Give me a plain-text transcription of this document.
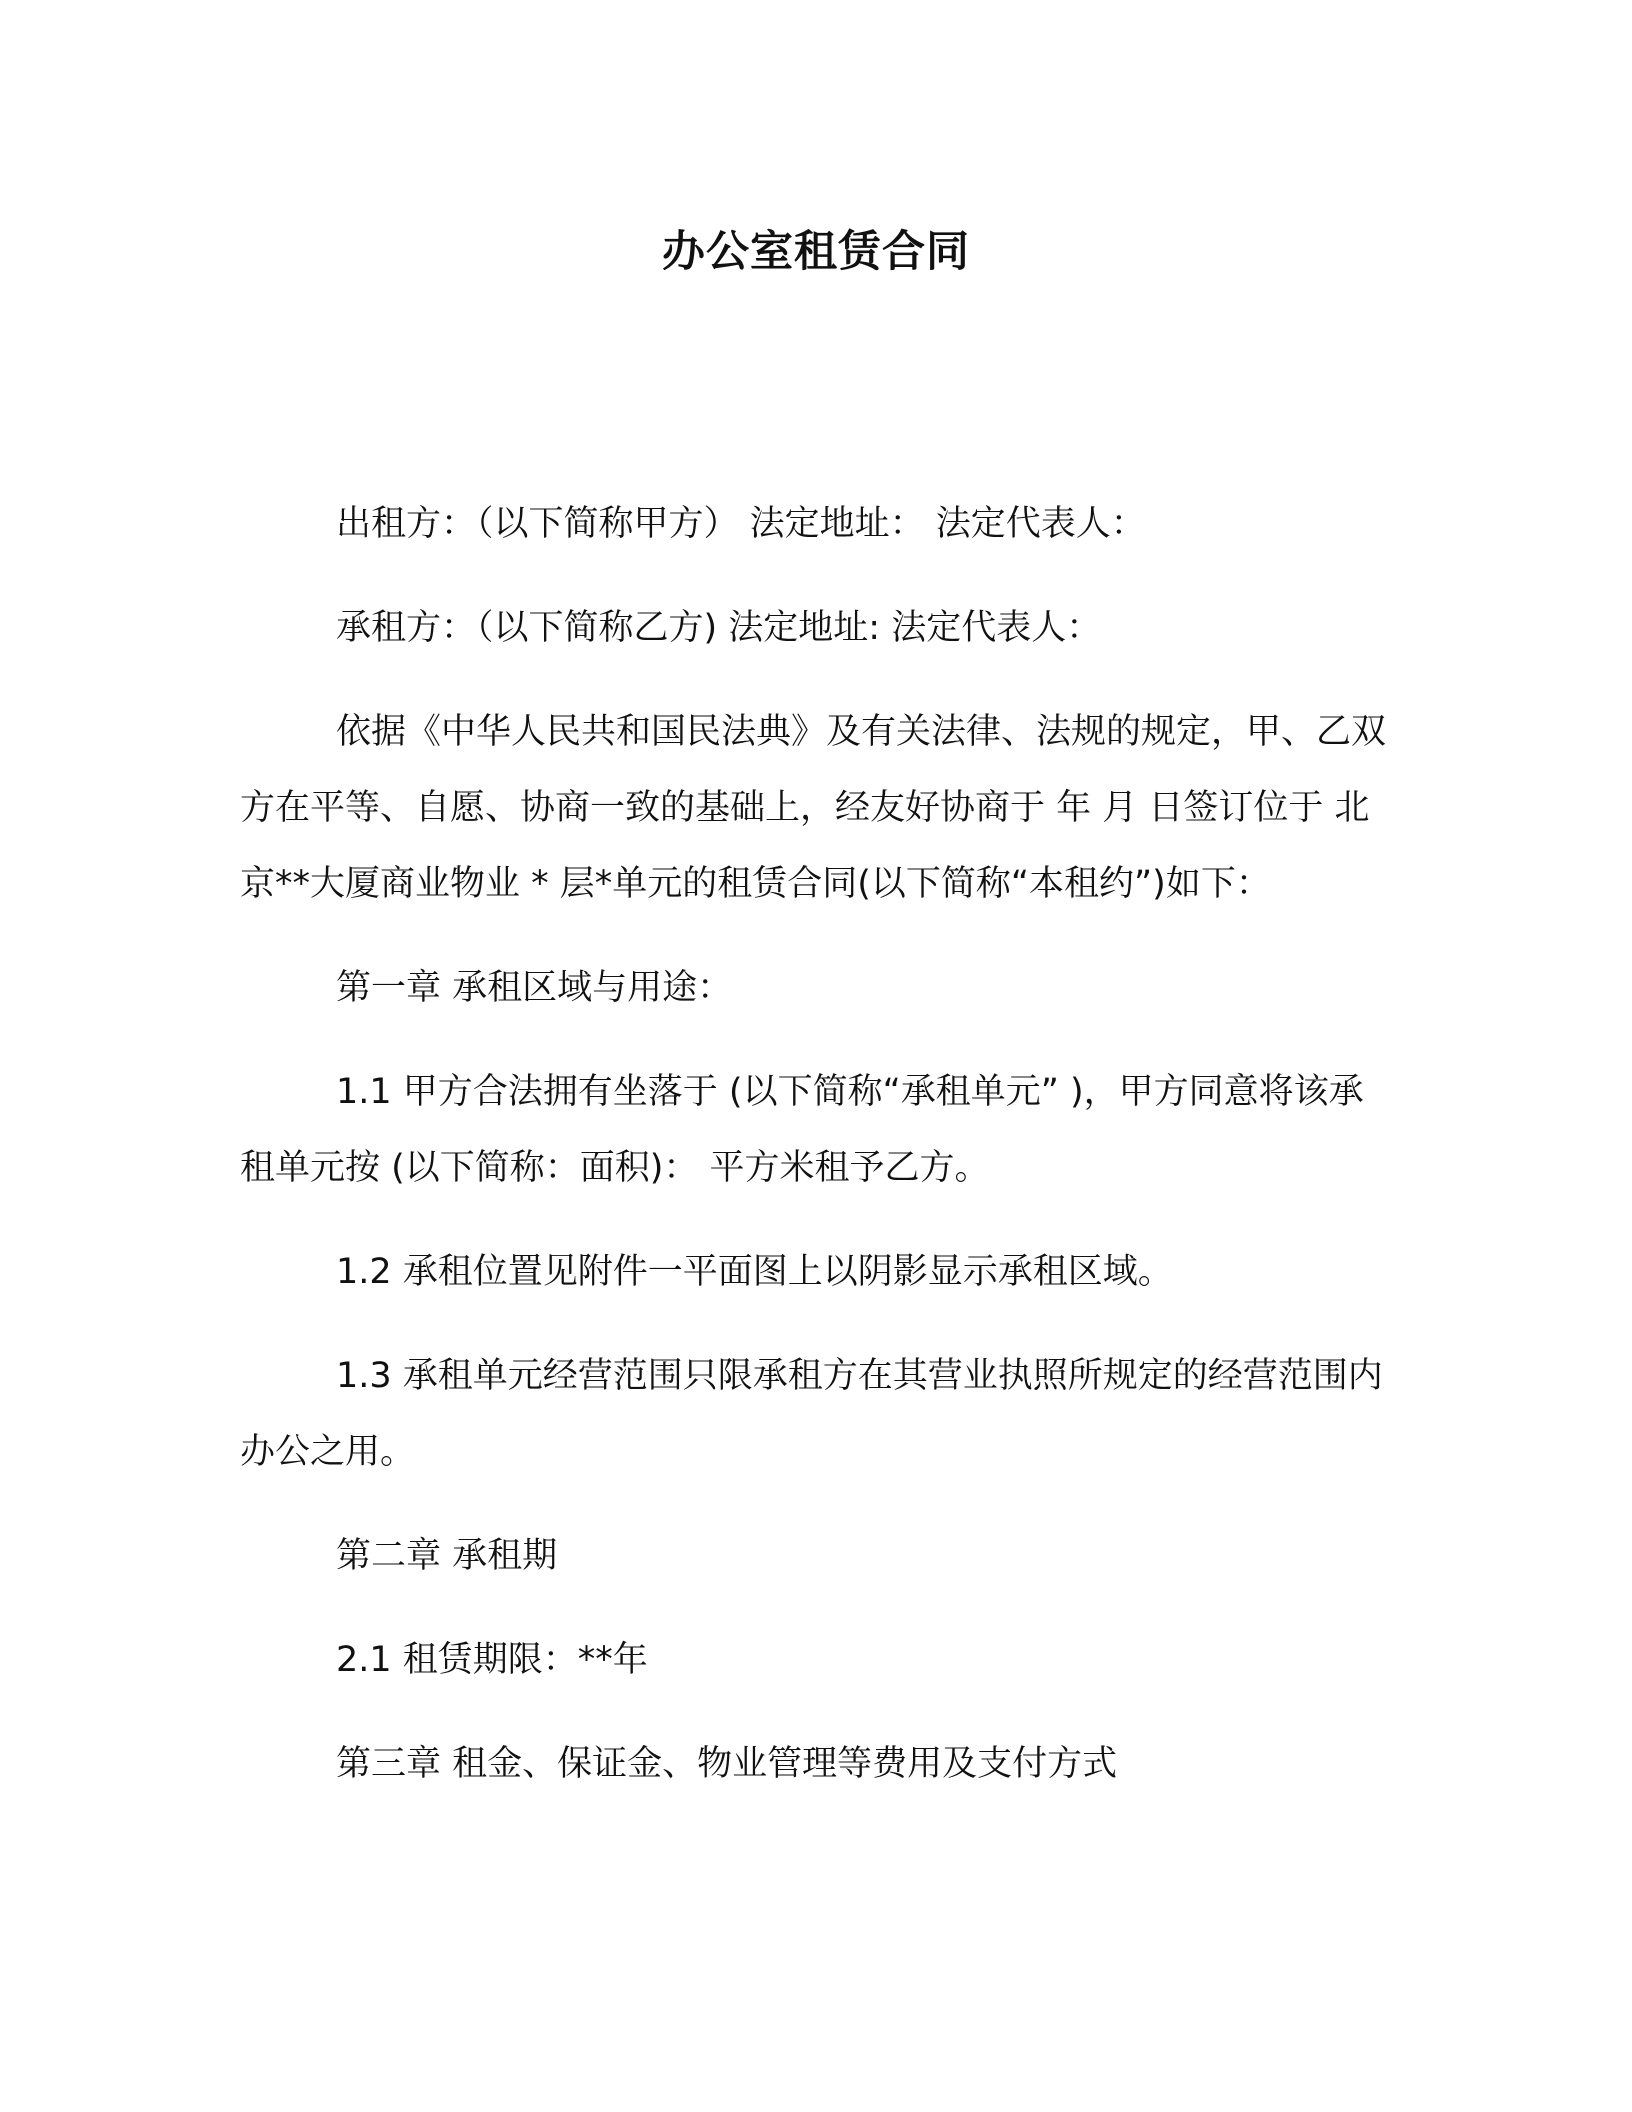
办公室租赁合同

出租方：（以下简称甲方） 法定地址： 法定代表人：

承租方：（以下简称乙方) 法定地址: 法定代表人：

依据《中华人民共和国民法典》及有关法律、法规的规定，甲、乙双方在平等、自愿、协商一致的基础上，经友好协商于 年 月 日签订位于 北京**大厦商业物业 * 层*单元的租赁合同(以下简称“本租约”)如下：

第一章 承租区域与用途：

1.1 甲方合法拥有坐落于 (以下简称“承租单元” )，甲方同意将该承租单元按 (以下简称：面积)： 平方米租予乙方。

1.2 承租位置见附件一平面图上以阴影显示承租区域。

1.3 承租单元经营范围只限承租方在其营业执照所规定的经营范围内办公之用。

第二章 承租期

2.1 租赁期限：**年

第三章 租金、保证金、物业管理等费用及支付方式
